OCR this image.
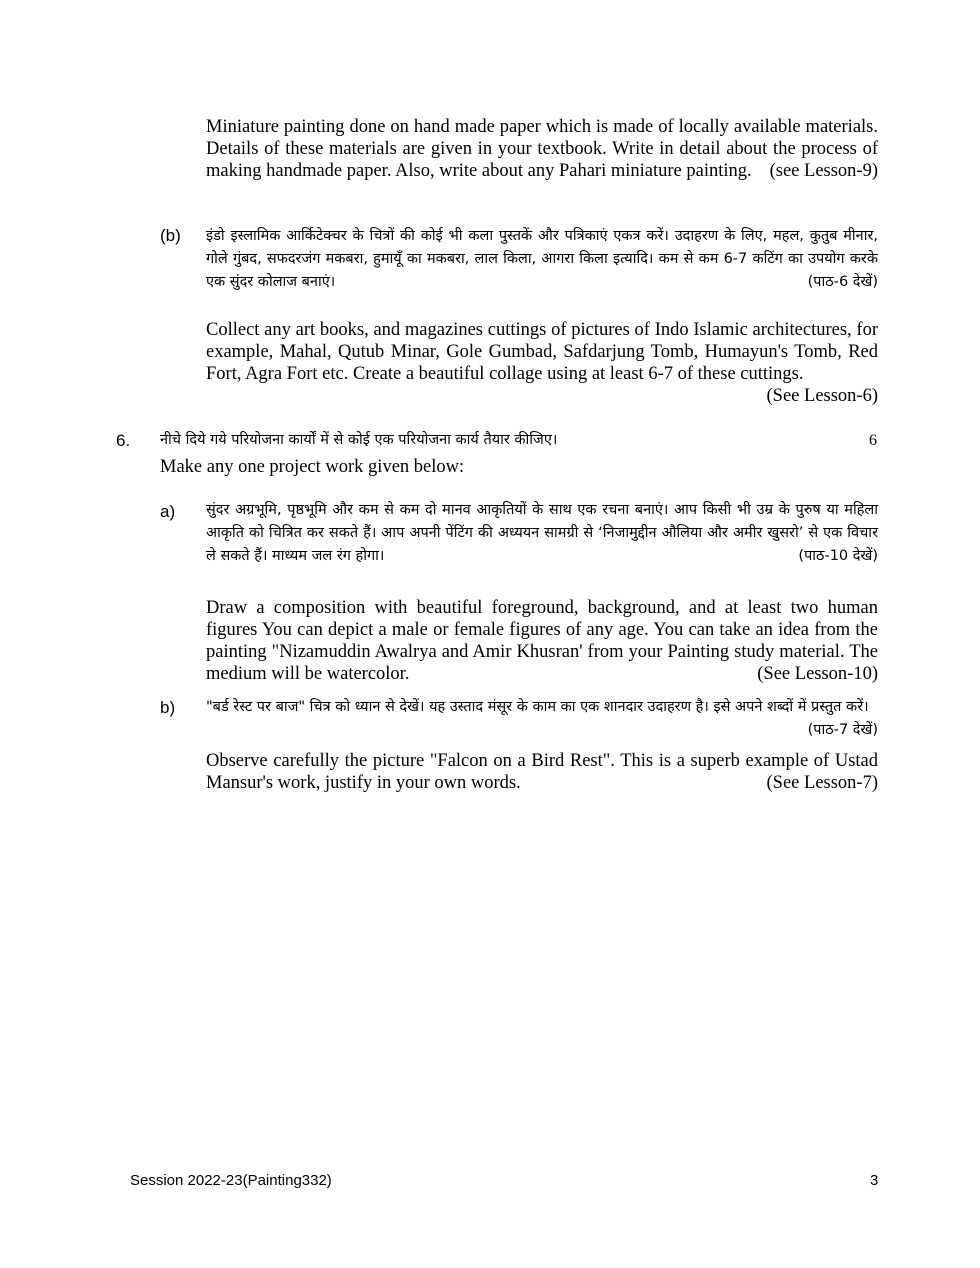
Miniature painting done on hand made paper which is made of locally available materials. Details of these materials are given in your textbook. Write in detail about the process of making handmade paper. Also, write about any Pahari miniature painting. (see Lesson-9)
(b) इंडो इस्लामिक आर्किटेक्चर के चित्रों की कोई भी कला पुस्तकें और पत्रिकाएं एकत्र करें। उदाहरण के लिए, महल, कुतुब मीनार, गोले गुंबद, सफदरजंग मकबरा, हुमायूँ का मकबरा, लाल किला, आगरा किला इत्यादि। कम से कम 6-7 कटिंग का उपयोग करके एक सुंदर कोलाज बनाएं।	(पाठ-6 देखें)
Collect any art books, and magazines cuttings of pictures of Indo Islamic architectures, for example, Mahal, Qutub Minar, Gole Gumbad, Safdarjung Tomb, Humayun's Tomb, Red Fort, Agra Fort etc. Create a beautiful collage using at least 6-7 of these cuttings.
(See Lesson-6)
6. नीचे दिये गये परियोजना कार्यों में से कोई एक परियोजना कार्य तैयार कीजिए।	6
Make any one project work given below:
a) सुंदर अग्रभूमि, पृष्ठभूमि और कम से कम दो मानव आकृतियों के साथ एक रचना बनाएं। आप किसी भी उम्र के पुरुष या महिला आकृति को चित्रित कर सकते हैं। आप अपनी पेंटिंग की अध्ययन सामग्री से ‘निजामुद्दीन औलिया और अमीर खुसरो’ से एक विचार ले सकते हैं। माध्यम जल रंग होगा।	(पाठ-10 देखें)
Draw a composition with beautiful foreground, background, and at least two human figures You can depict a male or female figures of any age. You can take an idea from the painting "Nizamuddin Awalrya and Amir Khusran' from your Painting study material. The medium will be watercolor.	(See Lesson-10)
b) "बर्ड रेस्ट पर बाज" चित्र को ध्यान से देखें। यह उस्ताद मंसूर के काम का एक शानदार उदाहरण है। इसे अपने शब्दों में प्रस्तुत करें।
(पाठ-7 देखें)
Observe carefully the picture "Falcon on a Bird Rest". This is a superb example of Ustad Mansur's work, justify in your own words.	(See Lesson-7)
Session 2022-23(Painting332)	3
